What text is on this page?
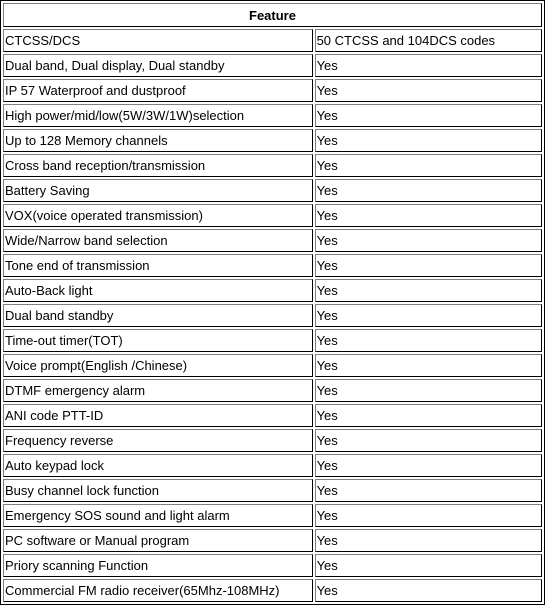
Feature	
CTCSS/DCS	50 CTCSS and 104DCS codes
Dual band, Dual display, Dual standby	Yes
IP 57 Waterproof and dustproof	Yes
High power/mid/low(5W/3W/1W)selection	Yes
Up to 128 Memory channels	Yes
Cross band reception/transmission	Yes
Battery Saving	Yes
VOX(voice operated transmission)	Yes
Wide/Narrow band selection	Yes
Tone end of transmission	Yes
Auto-Back light	Yes
Dual band standby	Yes
Time-out timer(TOT)	Yes
Voice prompt(English /Chinese)	Yes
DTMF emergency alarm	Yes
ANI code PTT-ID	Yes
Frequency reverse	Yes
Auto keypad lock	Yes
Busy channel lock function	Yes
Emergency SOS sound and light alarm	Yes
PC software or Manual program	Yes
Priory scanning Function	Yes
Commercial FM radio receiver(65Mhz-108MHz)	Yes
